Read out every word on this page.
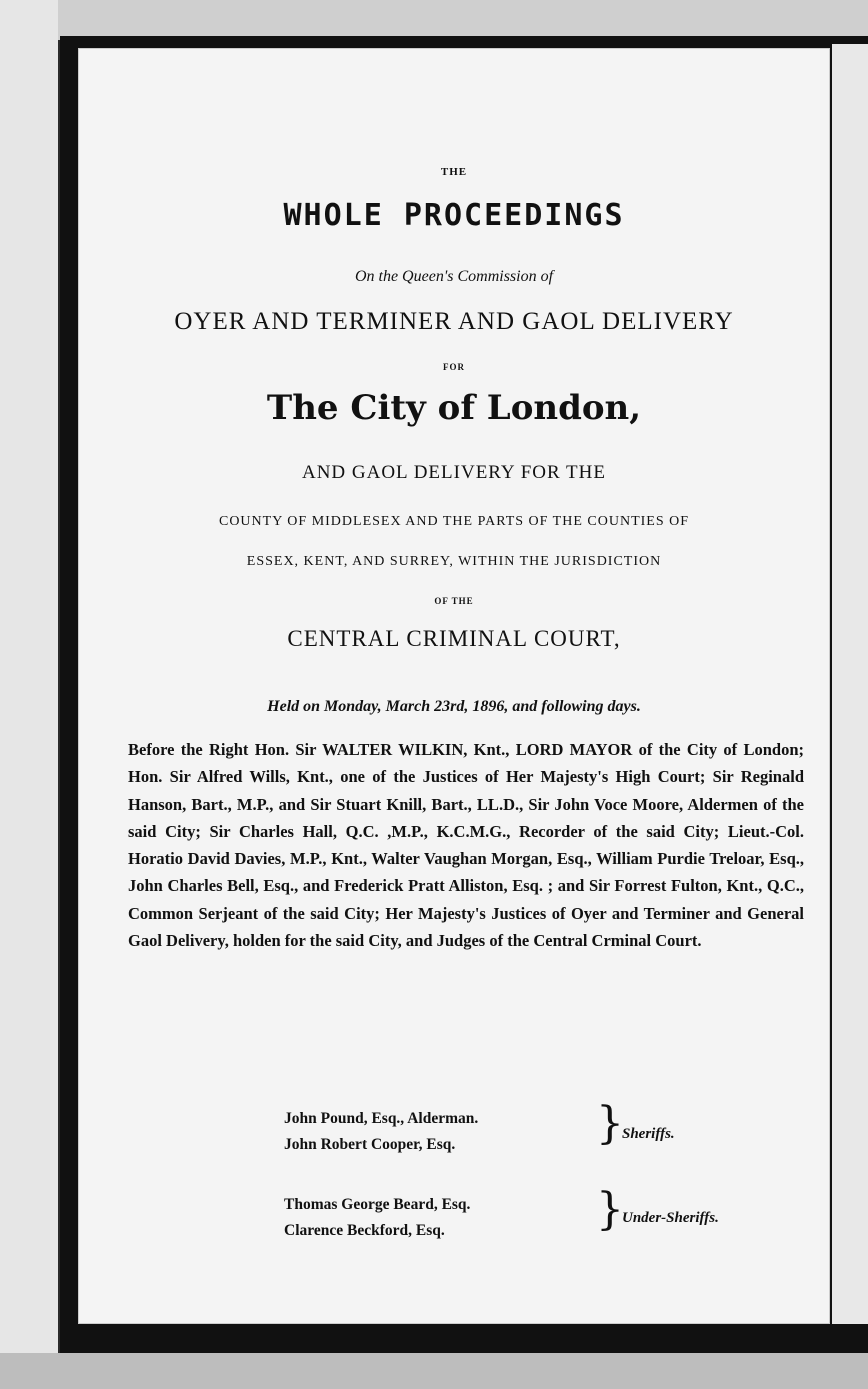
THE
WHOLE PROCEEDINGS
On the Queen's Commission of
OYER AND TERMINER AND GAOL DELIVERY
FOR
The City of London,
AND GAOL DELIVERY FOR THE
COUNTY OF MIDDLESEX AND THE PARTS OF THE COUNTIES OF
ESSEX, KENT, AND SURREY, WITHIN THE JURISDICTION
OF THE
CENTRAL CRIMINAL COURT,
Held on Monday, March 23rd, 1896, and following days.
Before the Right Hon. Sir WALTER WILKIN, Knt., LORD MAYOR of the City of London; Hon. Sir Alfred Wills, Knt., one of the Justices of Her Majesty's High Court; Sir Reginald Hanson, Bart., M.P., and Sir Stuart Knill, Bart., LL.D., Sir John Voce Moore, Aldermen of the said City; Sir Charles Hall, Q.C. ,M.P., K.C.M.G., Recorder of the said City; Lieut.-Col. Horatio David Davies, M.P., Knt., Walter Vaughan Morgan, Esq., William Purdie Treloar, Esq., John Charles Bell, Esq., and Frederick Pratt Alliston, Esq. ; and Sir Forrest Fulton, Knt., Q.C., Common Serjeant of the said City; Her Majesty's Justices of Oyer and Terminer and General Gaol Delivery, holden for the said City, and Judges of the Central Crminal Court.
John Pound, Esq., Alderman.
John Robert Cooper, Esq.	}
Sheriffs.
Thomas George Beard, Esq.
Clarence Beckford, Esq.	}
Under-Sheriffs.
